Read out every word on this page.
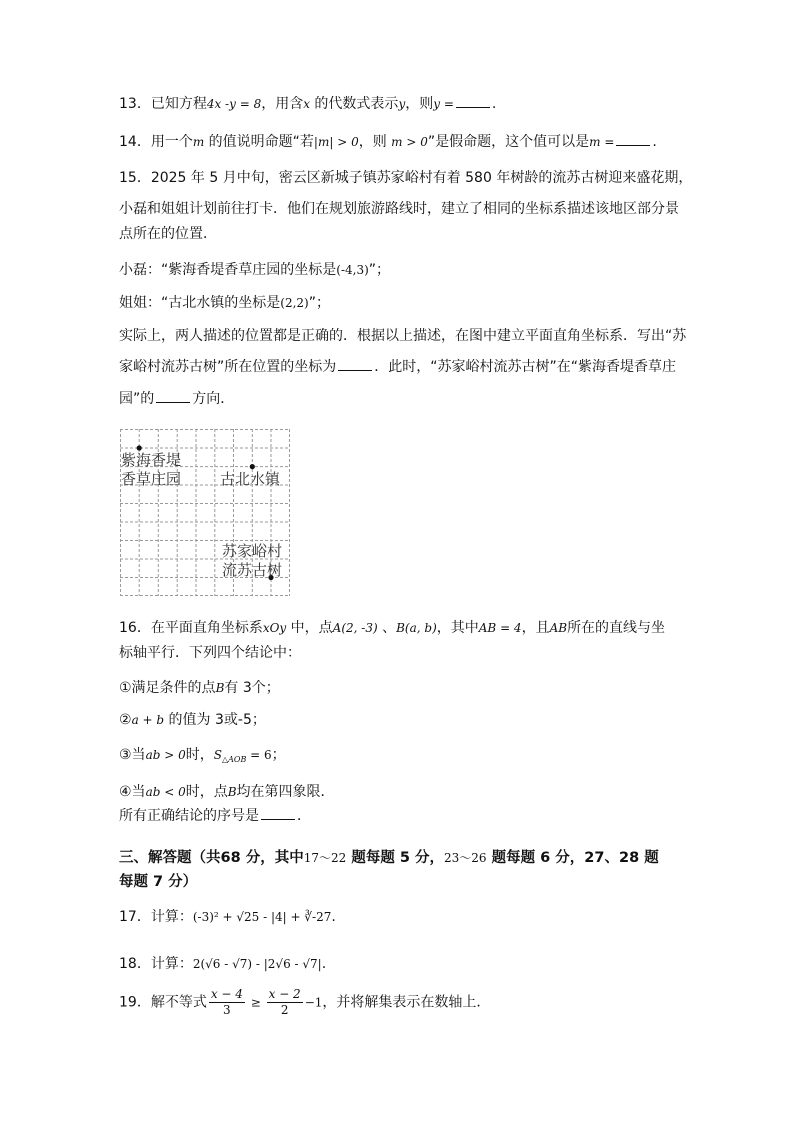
13．已知方程4x -y = 8，用含x 的代数式表示y，则y =	.
14．用一个m 的值说明命题“若|m| > 0，则 m > 0”是假命题，这个值可以是m =	.
15．2025 年 5 月中旬，密云区新城子镇苏家峪村有着 580 年树龄的流苏古树迎来盛花期，
小磊和姐姐计划前往打卡．他们在规划旅游路线时，建立了相同的坐标系描述该地区部分景
点所在的位置．
小磊：“紫海香堤香草庄园的坐标是(-4,3)”；
姐姐：“古北水镇的坐标是(2,2)”；
实际上，两人描述的位置都是正确的．根据以上描述，在图中建立平面直角坐标系．写出“苏
家峪村流苏古树”所在位置的坐标为	．此时，“苏家峪村流苏古树”在“紫海香堤香草庄
园”的	方向．
紫海香堤
香草庄园	古北水镇
苏家峪村
流苏古树
16．在平面直角坐标系xOy 中，点A(2, -3) 、B(a, b)，其中AB = 4，且AB所在的直线与坐
标轴平行．下列四个结论中：
①满足条件的点B有 3个；
②a + b 的值为 3或-5；
③当ab > 0时，$S_{\triangle AOB} = 6$；
④当ab < 0时，点B均在第四象限．
所有正确结论的序号是	．
三、解答题（共68 分，其中17～22 题每题 5 分，23～26 题每题 6 分，27、28 题
每题 7 分）
17．计算：(-3)² + √25 - |4| + ∛-27.
18．计算：2(√6 - √7) - |2√6 - √7|.
19．解不等式 $\frac{x - 4}{3} \ge \frac{x - 2}{2} -1$，并将解集表示在数轴上．
